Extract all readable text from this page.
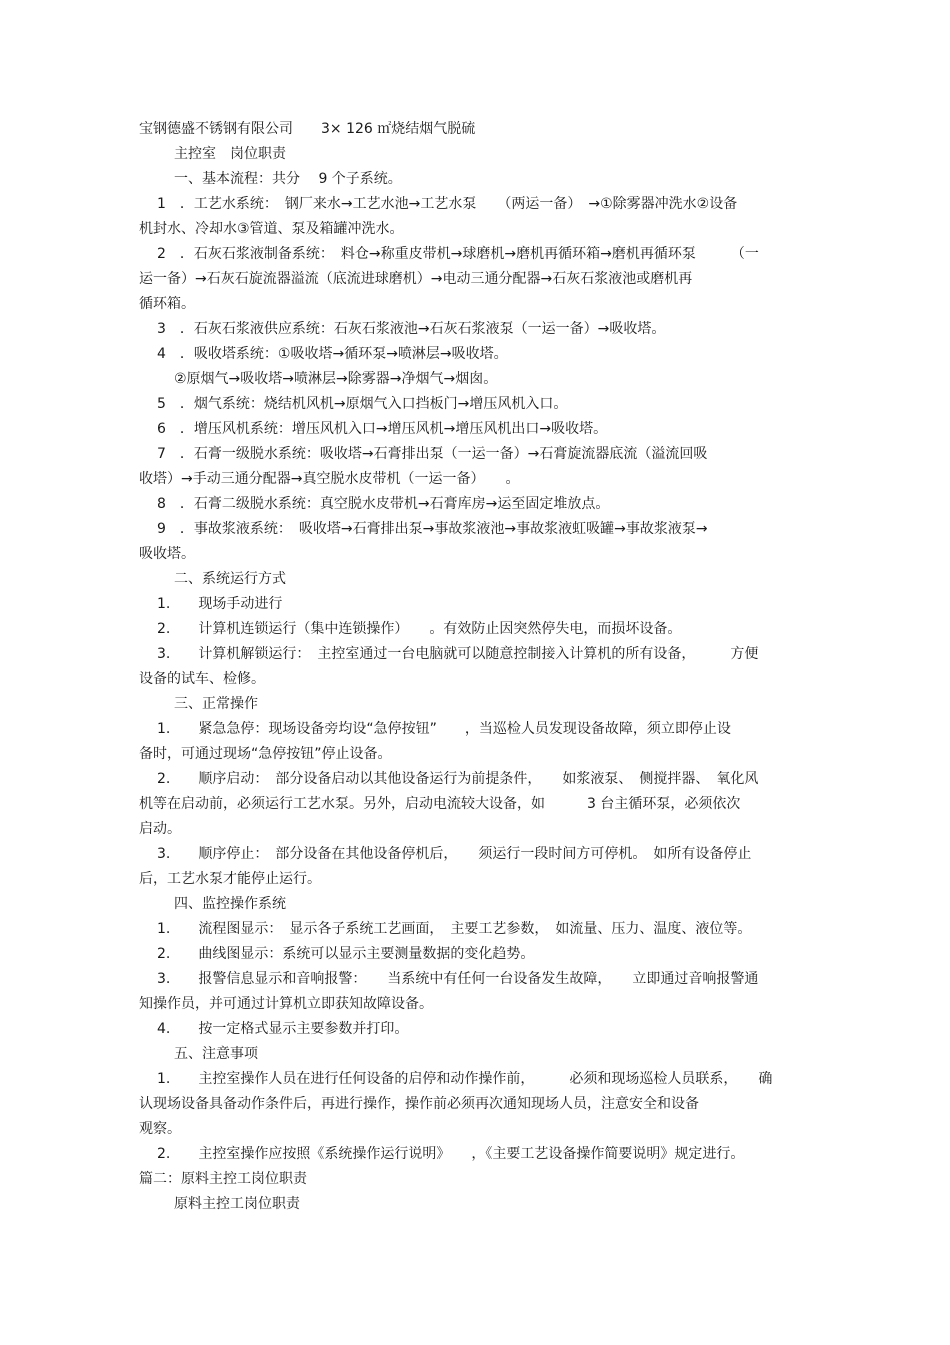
宝钢德盛不锈钢有限公司　　3× 126 ㎡烧结烟气脱硫
主控室　岗位职责
一、基本流程：共分　 9 个子系统。
1　．工艺水系统：　钢厂来水→工艺水池→工艺水泵　　（两运一备）　→①除雾器冲洗水②设备
机封水、冷却水③管道、泵及箱罐冲洗水。
2　．石灰石浆液制备系统：　料仓→称重皮带机→球磨机→磨机再循环箱→磨机再循环泵　　　（一
运一备）→石灰石旋流器溢流（底流进球磨机）→电动三通分配器→石灰石浆液池或磨机再
循环箱。
3　．石灰石浆液供应系统：石灰石浆液池→石灰石浆液泵（一运一备）→吸收塔。
4　．吸收塔系统：①吸收塔→循环泵→喷淋层→吸收塔。
②原烟气→吸收塔→喷淋层→除雾器→净烟气→烟囱。
5　．烟气系统：烧结机风机→原烟气入口挡板门→增压风机入口。
6　．增压风机系统：增压风机入口→增压风机→增压风机出口→吸收塔。
7　．石膏一级脱水系统：吸收塔→石膏排出泵（一运一备）→石膏旋流器底流（溢流回吸
收塔）→手动三通分配器→真空脱水皮带机（一运一备）　　。
8　．石膏二级脱水系统：真空脱水皮带机→石膏库房→运至固定堆放点。
9　．事故浆液系统：　吸收塔→石膏排出泵→事故浆液池→事故浆液虹吸罐→事故浆液泵→
吸收塔。
二、系统运行方式
1.　　现场手动进行
2.　　计算机连锁运行（集中连锁操作）　　。有效防止因突然停失电，而损坏设备。
3.　　计算机解锁运行：　主控室通过一台电脑就可以随意控制接入计算机的所有设备，　　　方便
设备的试车、检修。
三、正常操作
1.　　紧急急停：现场设备旁均设“急停按钮”　　，当巡检人员发现设备故障，须立即停止设
备时，可通过现场“急停按钮”停止设备。
2.　　顺序启动：　部分设备启动以其他设备运行为前提条件，　　如浆液泵、　侧搅拌器、　氧化风
机等在启动前，必须运行工艺水泵。另外，启动电流较大设备，如　　　3 台主循环泵，必须依次
启动。
3.　　顺序停止：　部分设备在其他设备停机后，　　须运行一段时间方可停机。　如所有设备停止
后，工艺水泵才能停止运行。
四、监控操作系统
1.　　流程图显示：　显示各子系统工艺画面，　主要工艺参数，　如流量、压力、温度、液位等。
2.　　曲线图显示：系统可以显示主要测量数据的变化趋势。
3.　　报警信息显示和音响报警：　　当系统中有任何一台设备发生故障，　　立即通过音响报警通
知操作员，并可通过计算机立即获知故障设备。
4.　　按一定格式显示主要参数并打印。
五、注意事项
1.　　主控室操作人员在进行任何设备的启停和动作操作前，　　　必须和现场巡检人员联系，　　确
认现场设备具备动作条件后，再进行操作，操作前必须再次通知现场人员，注意安全和设备
观察。
2.　　主控室操作应按照《系统操作运行说明》　　，《主要工艺设备操作简要说明》规定进行。
篇二：原料主控工岗位职责
原料主控工岗位职责
